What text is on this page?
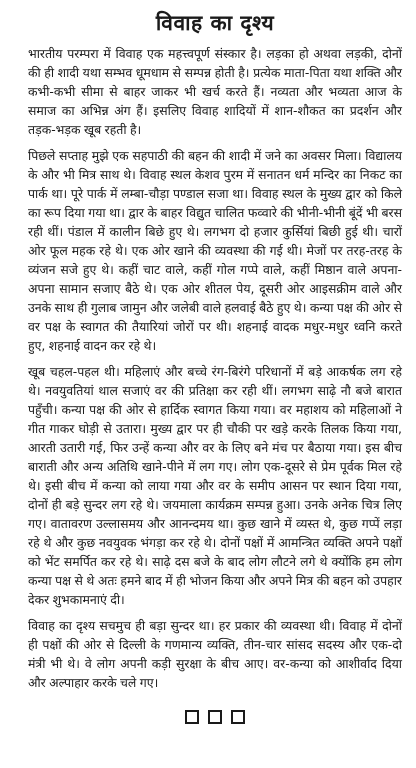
विवाह का दृश्य

भारतीय परम्परा में विवाह एक महत्त्वपूर्ण संस्कार है। लड़का हो अथवा लड़की, दोनों की ही शादी यथा सम्भव धूमधाम से सम्पन्न होती है। प्रत्येक माता-पिता यथा शक्ति और कभी-कभी सीमा से बाहर जाकर भी खर्च करते हैं। नव्यता और भव्यता आज के समाज का अभिन्न अंग हैं। इसलिए विवाह शादियों में शान-शौकत का प्रदर्शन और तड़क-भड़क खूब रहती है।

पिछले सप्ताह मुझे एक सहपाठी की बहन की शादी में जने का अवसर मिला। विद्यालय के और भी मित्र साथ थे। विवाह स्थल केशव पुरम में सनातन धर्म मन्दिर का निकट का पार्क था। पूरे पार्क में लम्बा-चौड़ा पण्डाल सजा था। विवाह स्थल के मुख्य द्वार को किले का रूप दिया गया था। द्वार के बाहर विद्युत चालित फव्वारे की भीनी-भीनी बूंदें भी बरस रही थीं। पंडाल में कालीन बिछे हुए थे। लगभग दो हजार कुर्सियां बिछी हुई थी। चारों ओर फूल महक रहे थे। एक ओर खाने की व्यवस्था की गई थी। मेजों पर तरह-तरह के व्यंजन सजे हुए थे। कहीं चाट वाले, कहीं गोल गप्पे वाले, कहीं मिष्ठान वाले अपना-अपना सामान सजाए बैठे थे। एक ओर शीतल पेय, दूसरी ओर आइसक्रीम वाले और उनके साथ ही गुलाब जामुन और जलेबी वाले हलवाई बैठे हुए थे। कन्या पक्ष की ओर से वर पक्ष के स्वागत की तैयारियां जोरों पर थी। शहनाई वादक मधुर-मधुर ध्वनि करते हुए, शहनाई वादन कर रहे थे।

खूब चहल-पहल थी। महिलाएं और बच्चे रंग-बिरंगे परिधानों में बड़े आकर्षक लग रहे थे। नवयुवतियां थाल सजाएं वर की प्रतिक्षा कर रही थीं। लगभग साढ़े नौ बजे बारात पहुँची। कन्या पक्ष की ओर से हार्दिक स्वागत किया गया। वर महाशय को महिलाओं ने गीत गाकर घोड़ी से उतारा। मुख्य द्वार पर ही चौकी पर खड़े करके तिलक किया गया, आरती उतारी गई, फिर उन्हें कन्या और वर के लिए बने मंच पर बैठाया गया। इस बीच बाराती और अन्य अतिथि खाने-पीने में लग गए। लोग एक-दूसरे से प्रेम पूर्वक मिल रहे थे। इसी बीच में कन्या को लाया गया और वर के समीप आसन पर स्थान दिया गया, दोनों ही बड़े सुन्दर लग रहे थे। जयमाला कार्यक्रम सम्पन्न हुआ। उनके अनेक चित्र लिए गए। वातावरण उल्लासमय और आनन्दमय था। कुछ खाने में व्यस्त थे, कुछ गप्पें लड़ा रहे थे और कुछ नवयुवक भंगड़ा कर रहे थे। दोनों पक्षों में आमन्त्रित व्यक्ति अपने पक्षों को भेंट समर्पित कर रहे थे। साढ़े दस बजे के बाद लोग लौटने लगे थे क्योंकि हम लोग कन्या पक्ष से थे अतः हमने बाद में ही भोजन किया और अपने मित्र की बहन को उपहार देकर शुभकामनाएं दी।

विवाह का दृश्य सचमुच ही बड़ा सुन्दर था। हर प्रकार की व्यवस्था थी। विवाह में दोनों ही पक्षों की ओर से दिल्ली के गणमान्य व्यक्ति, तीन-चार सांसद सदस्य और एक-दो मंत्री भी थे। वे लोग अपनी कड़ी सुरक्षा के बीच आए। वर-कन्या को आशीर्वाद दिया और अल्पाहार करके चले गए।
